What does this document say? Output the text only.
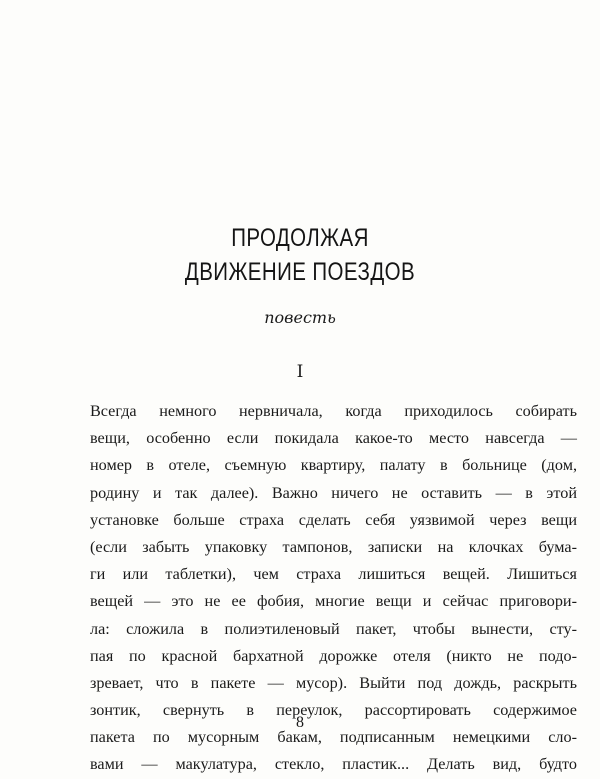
ПРОДОЛЖАЯ
ДВИЖЕНИЕ ПОЕЗДОВ
повесть
I
Всегда немного нервничала, когда приходилось собирать
вещи, особенно если покидала какое-то место навсегда —
номер в отеле, съемную квартиру, палату в больнице (дом,
родину и так далее). Важно ничего не оставить — в этой
установке больше страха сделать себя уязвимой через вещи
(если забыть упаковку тампонов, записки на клочках бума-
ги или таблетки), чем страха лишиться вещей. Лишиться
вещей — это не ее фобия, многие вещи и сейчас приговори-
ла: сложила в полиэтиленовый пакет, чтобы вынести, сту-
пая по красной бархатной дорожке отеля (никто не подо-
зревает, что в пакете — мусор). Выйти под дождь, раскрыть
зонтик, свернуть в переулок, рассортировать содержимое
пакета по мусорным бакам, подписанным немецкими сло-
вами — макулатура, стекло, пластик... Делать вид, будто
8
